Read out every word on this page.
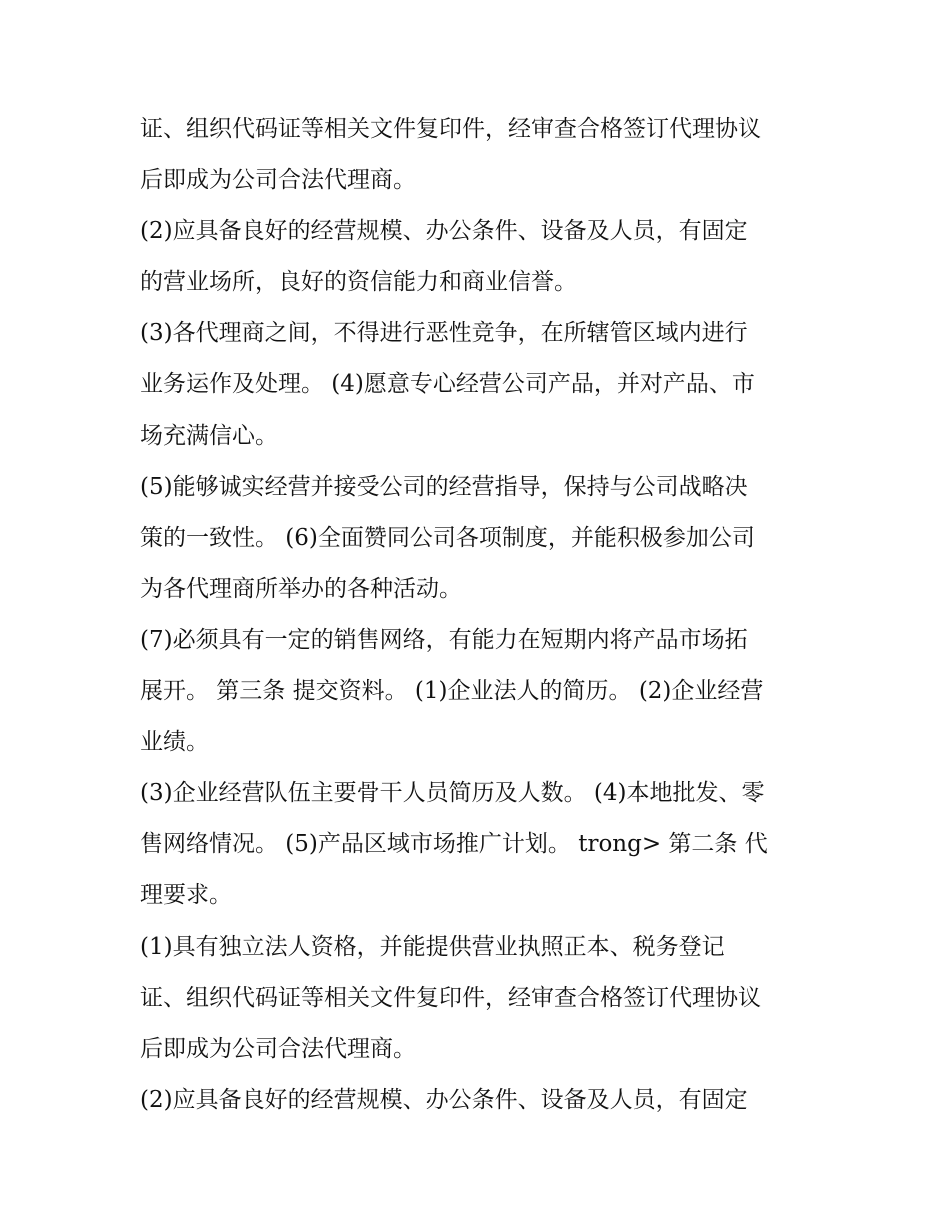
证、组织代码证等相关文件复印件，经审查合格签订代理协议
后即成为公司合法代理商。
(2)应具备良好的经营规模、办公条件、设备及人员，有固定
的营业场所，良好的资信能力和商业信誉。
(3)各代理商之间，不得进行恶性竞争，在所辖管区域内进行
业务运作及处理。 (4)愿意专心经营公司产品，并对产品、市
场充满信心。
(5)能够诚实经营并接受公司的经营指导，保持与公司战略决
策的一致性。 (6)全面赞同公司各项制度，并能积极参加公司
为各代理商所举办的各种活动。
(7)必须具有一定的销售网络，有能力在短期内将产品市场拓
展开。 第三条 提交资料。 (1)企业法人的简历。 (2)企业经营
业绩。
(3)企业经营队伍主要骨干人员简历及人数。 (4)本地批发、零
售网络情况。 (5)产品区域市场推广计划。 trong> 第二条 代
理要求。
(1)具有独立法人资格，并能提供营业执照正本、税务登记
证、组织代码证等相关文件复印件，经审查合格签订代理协议
后即成为公司合法代理商。
(2)应具备良好的经营规模、办公条件、设备及人员，有固定
